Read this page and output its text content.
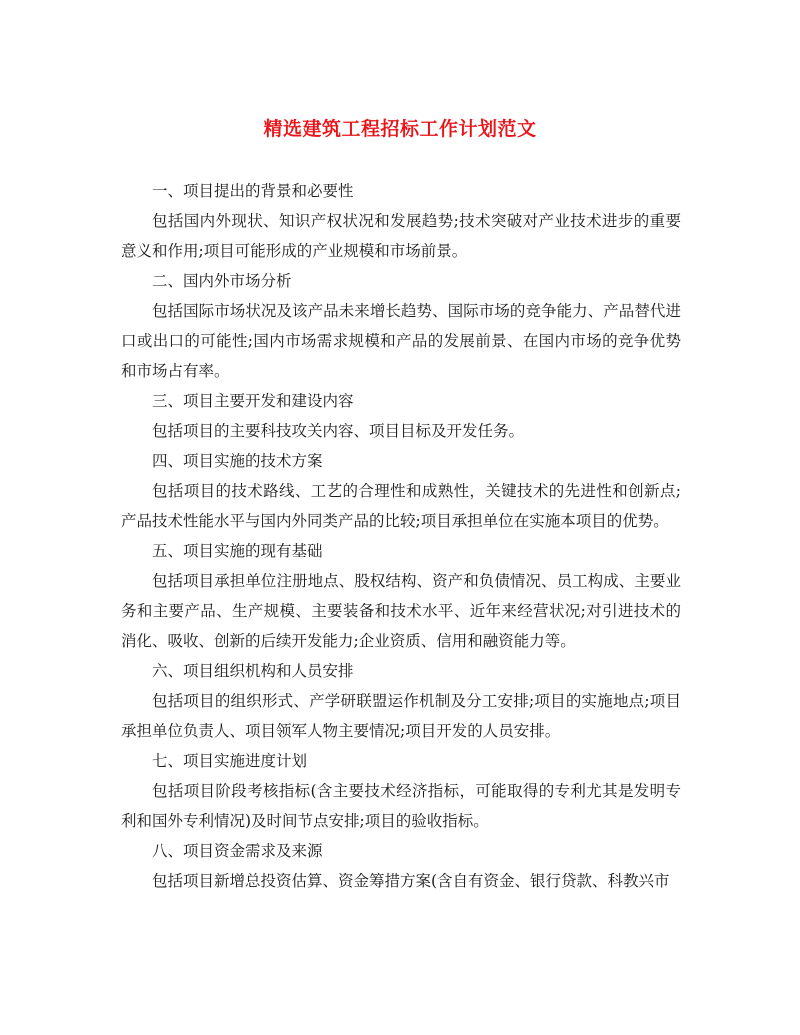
精选建筑工程招标工作计划范文

一、项目提出的背景和必要性

包括国内外现状、知识产权状况和发展趋势;技术突破对产业技术进步的重要意义和作用;项目可能形成的产业规模和市场前景。

二、国内外市场分析

包括国际市场状况及该产品未来增长趋势、国际市场的竞争能力、产品替代进口或出口的可能性;国内市场需求规模和产品的发展前景、在国内市场的竞争优势和市场占有率。

三、项目主要开发和建设内容

包括项目的主要科技攻关内容、项目目标及开发任务。

四、项目实施的技术方案

包括项目的技术路线、工艺的合理性和成熟性，关键技术的先进性和创新点;产品技术性能水平与国内外同类产品的比较;项目承担单位在实施本项目的优势。

五、项目实施的现有基础

包括项目承担单位注册地点、股权结构、资产和负债情况、员工构成、主要业务和主要产品、生产规模、主要装备和技术水平、近年来经营状况;对引进技术的消化、吸收、创新的后续开发能力;企业资质、信用和融资能力等。

六、项目组织机构和人员安排

包括项目的组织形式、产学研联盟运作机制及分工安排;项目的实施地点;项目承担单位负责人、项目领军人物主要情况;项目开发的人员安排。

七、项目实施进度计划

包括项目阶段考核指标(含主要技术经济指标，可能取得的专利尤其是发明专利和国外专利情况)及时间节点安排;项目的验收指标。

八、项目资金需求及来源

包括项目新增总投资估算、资金筹措方案(含自有资金、银行贷款、科教兴市
